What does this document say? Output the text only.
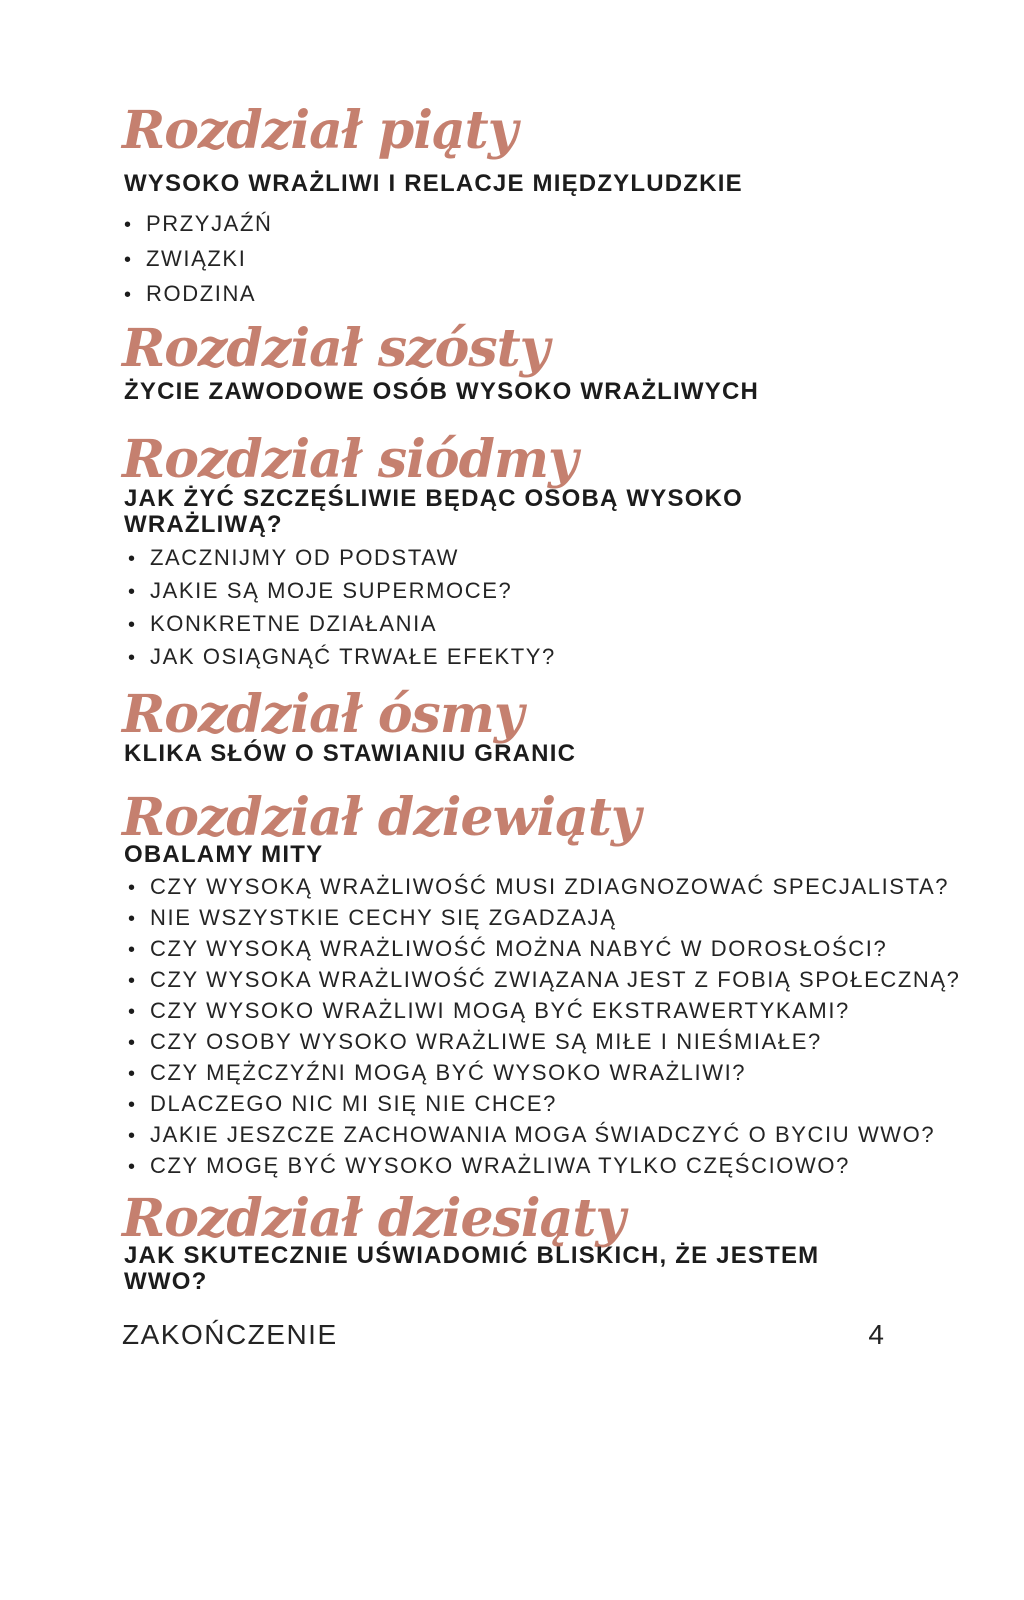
Rozdział piąty
WYSOKO WRAŻLIWI I RELACJE MIĘDZYLUDZKIE
• PRZYJAŹŃ
• ZWIĄZKI
• RODZINA
Rozdział szósty
ŻYCIE ZAWODOWE OSÓB WYSOKO WRAŻLIWYCH
Rozdział siódmy
JAK ŻYĆ SZCZĘŚLIWIE BĘDĄC OSOBĄ WYSOKO WRAŻLIWĄ?
• ZACZNIJMY OD PODSTAW
• JAKIE SĄ MOJE SUPERMOCE?
• KONKRETNE DZIAŁANIA
• JAK OSIĄGNĄĆ TRWAŁE EFEKTY?
Rozdział ósmy
KLIKA SŁÓW O STAWIANIU GRANIC
Rozdział dziewiąty
OBALAMY MITY
• CZY WYSOKĄ WRAŻLIWOŚĆ MUSI ZDIAGNOZOWAĆ SPECJALISTA?
• NIE WSZYSTKIE CECHY SIĘ ZGADZAJĄ
• CZY WYSOKĄ WRAŻLIWOŚĆ MOŻNA NABYĆ W DOROSŁOŚCI?
• CZY WYSOKA WRAŻLIWOŚĆ ZWIĄZANA JEST Z FOBIĄ SPOŁECZNĄ?
• CZY WYSOKO WRAŻLIWI MOGĄ BYĆ EKSTRAWERTYKAMI?
• CZY OSOBY WYSOKO WRAŻLIWE SĄ MIŁE I NIEŚMIAŁE?
• CZY MĘŻCZYŹNI MOGĄ BYĆ WYSOKO WRAŻLIWI?
• DLACZEGO NIC MI SIĘ NIE CHCE?
• JAKIE JESZCZE ZACHOWANIA MOGA ŚWIADCZYĆ O BYCIU WWO?
• CZY MOGĘ BYĆ WYSOKO WRAŻLIWA TYLKO CZĘŚCIOWO?
Rozdział dziesiąty
JAK SKUTECZNIE UŚWIADOMIĆ BLISKICH, ŻE JESTEM WWO?
ZAKOŃCZENIE	4
